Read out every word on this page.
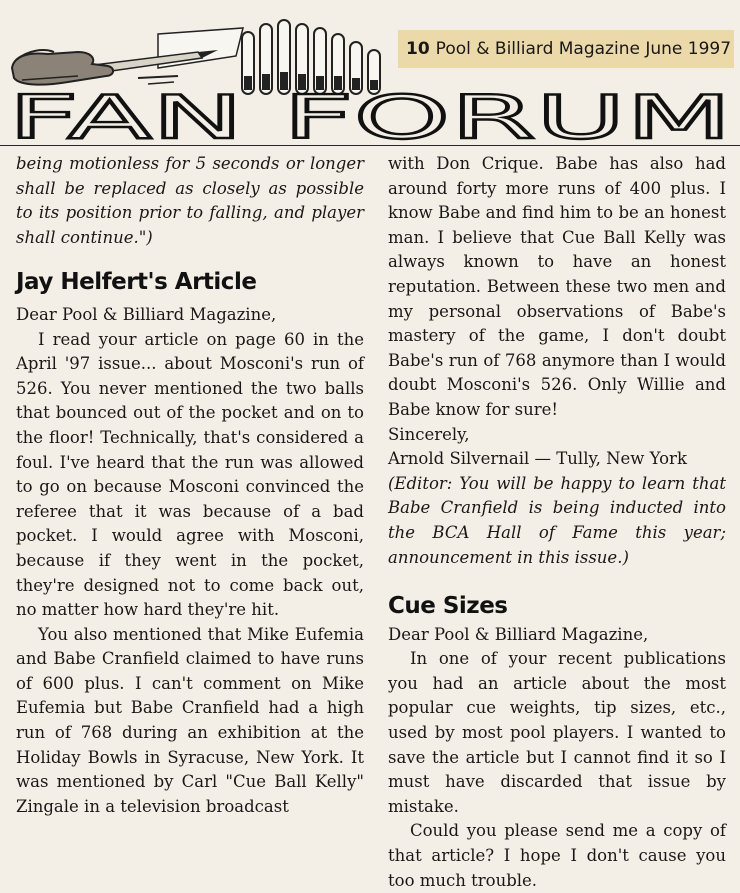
10 Pool & Billiard Magazine June 1997
FAN FORUM

being motionless for 5 seconds or longer shall be replaced as closely as possible to its position prior to falling, and player shall continue.")

Jay Helfert's Article

Dear Pool & Billiard Magazine,

I read your article on page 60 in the April '97 issue... about Mosconi's run of 526. You never mentioned the two balls that bounced out of the pocket and on to the floor! Technically, that's considered a foul. I've heard that the run was allowed to go on because Mosconi convinced the referee that it was because of a bad pocket. I would agree with Mosconi, because if they went in the pocket, they're designed not to come back out, no matter how hard they're hit.

You also mentioned that Mike Eufemia and Babe Cranfield claimed to have runs of 600 plus. I can't comment on Mike Eufemia but Babe Cranfield had a high run of 768 during an exhibition at the Holiday Bowls in Syracuse, New York. It was mentioned by Carl "Cue Ball Kelly" Zingale in a television broadcast

with Don Crique. Babe has also had around forty more runs of 400 plus. I know Babe and find him to be an honest man. I believe that Cue Ball Kelly was always known to have an honest reputation. Between these two men and my personal observations of Babe's mastery of the game, I don't doubt Babe's run of 768 anymore than I would doubt Mosconi's 526. Only Willie and Babe know for sure!

Sincerely,

Arnold Silvernail — Tully, New York

(Editor: You will be happy to learn that Babe Cranfield is being inducted into the BCA Hall of Fame this year; announcement in this issue.)

Cue Sizes

Dear Pool & Billiard Magazine,

In one of your recent publications you had an article about the most popular cue weights, tip sizes, etc., used by most pool players. I wanted to save the article but I cannot find it so I must have discarded that issue by mistake.

Could you please send me a copy of that article? I hope I don't cause you too much trouble.
